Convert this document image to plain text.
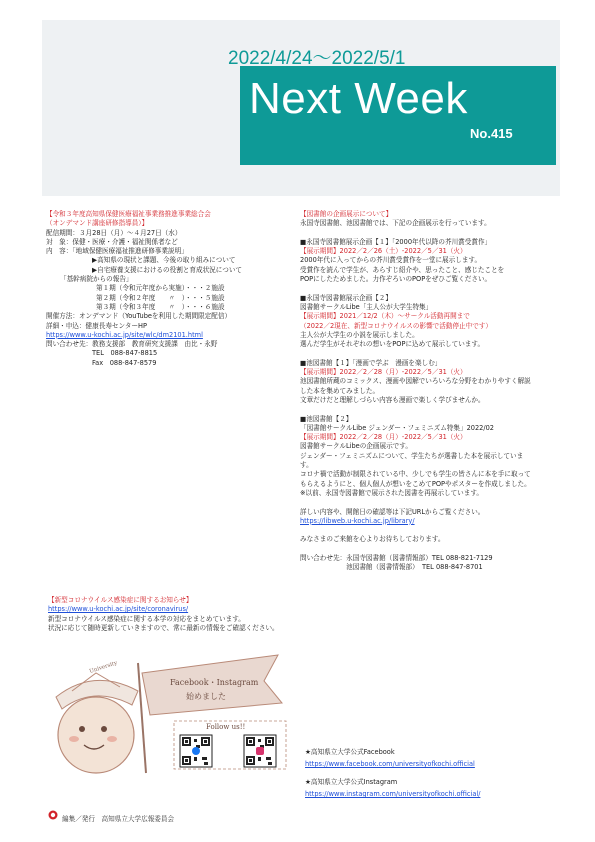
2022/4/24～2022/5/1
Next Week
No.415
【令和３年度高知県保健医療福祉事業務推進事業総合会
（オンデマンド講座研修指導員）】
配信期間：３月28日（月）～４月27日（水）
対　象：保健・医療・介護・福祉関係者など
内　容：「地域保健医療福祉推進研修事業説明」
▶高知県の現状と課題、今後の取り組みについて
▶自宅療養支援におけるの役割と育成状況について
「基幹病院からの報告」
第１期（令和元年度から実施）・・・２施設
第２期（令和２年度　　〃　）・・・５施設
第３期（令和３年度　　〃　）・・・６施設
開催方法：オンデマンド（YouTubeを利用した期間限定配信）
詳細・申込：健康長寿センターHP
https://www.u-kochi.ac.jp/site/wlc/dm2101.html
問い合わせ先：教務支援部　教育研究支援課　由比・永野
TEL　088-847-8815
Fax　088-847-8579
【図書館の企画展示について】
永国寺図書館、池図書館では、下記の企画展示を行っています。
■永国寺図書館展示企画【１】「2000年代以降の芥川賞受賞作」
【展示期間】2022／2／26（土）-2022／5／31（火）
2000年代に入ってからの芥川賞受賞作を一堂に展示します。
受賞作を読んで学生が、あらすじ紹介や、思ったこと、感じたことを
POPにしたためました。力作ぞろいのPOPをぜひご覧ください。
■永国寺図書館展示企画【２】
図書館サークルLibe「主人公が大学生特集」
【展示期間】2021／12/2（木）～サークル活動再開まで
（2022／2現在、新型コロナウイルスの影響で活動停止中です）
主人公が大学生の小説を展示しました。
選んだ学生がそれぞれの想いをPOPに込めて展示しています。
■池図書館【１】「漫画で学ぶ　漫画を楽しむ」
【展示期間】2022／2／28（月）-2022／5／31（火）
池図書館所蔵のコミックス、漫画や図解でいろいろな分野をわかりやすく解説
した本を集めてみました。
文章だけだと理解しづらい内容も漫画で楽しく学びませんか。
■池図書館【２】
「図書館サークルLibe ジェンダー・フェミニズム特集」2022/02
【展示期間】2022／2／28（月）-2022／5／31（火）
図書館サークルLibeの企画展示です。
ジェンダー・フェミニズムについて、学生たちが選書した本を展示していま
す。
コロナ禍で活動が制限されている中、少しでも学生の皆さんに本を手に取って
もらえるようにと、個人個人が想いをこめてPOPやポスターを作成しました。
※以前、永国寺図書館で展示された図書を再展示しています。
詳しい内容や、開館日の確認等は下記URLからご覧ください。
https://libweb.u-kochi.ac.jp/library/
みなさまのご来館を心よりお待ちしております。
問い合わせ先：永国寺図書館（図書情報部）TEL 088-821-7129
　　　　　　　池図書館（図書情報部）　TEL 088-847-8701
【新型コロナウイルス感染症に関するお知らせ】
https://www.u-kochi.ac.jp/site/coronavirus/
新型コロナウイルス感染症に関する本学の対応をまとめています。
状況に応じて随時更新していきますので、常に最新の情報をご確認ください。
University
Facebook・Instagram
始めました
Follow us!!
★高知県立大学公式Facebook
https://www.facebook.com/universityofkochi.official
★高知県立大学公式Instagram
https://www.instagram.com/universityofkochi.official/
編集／発行　高知県立大学広報委員会
